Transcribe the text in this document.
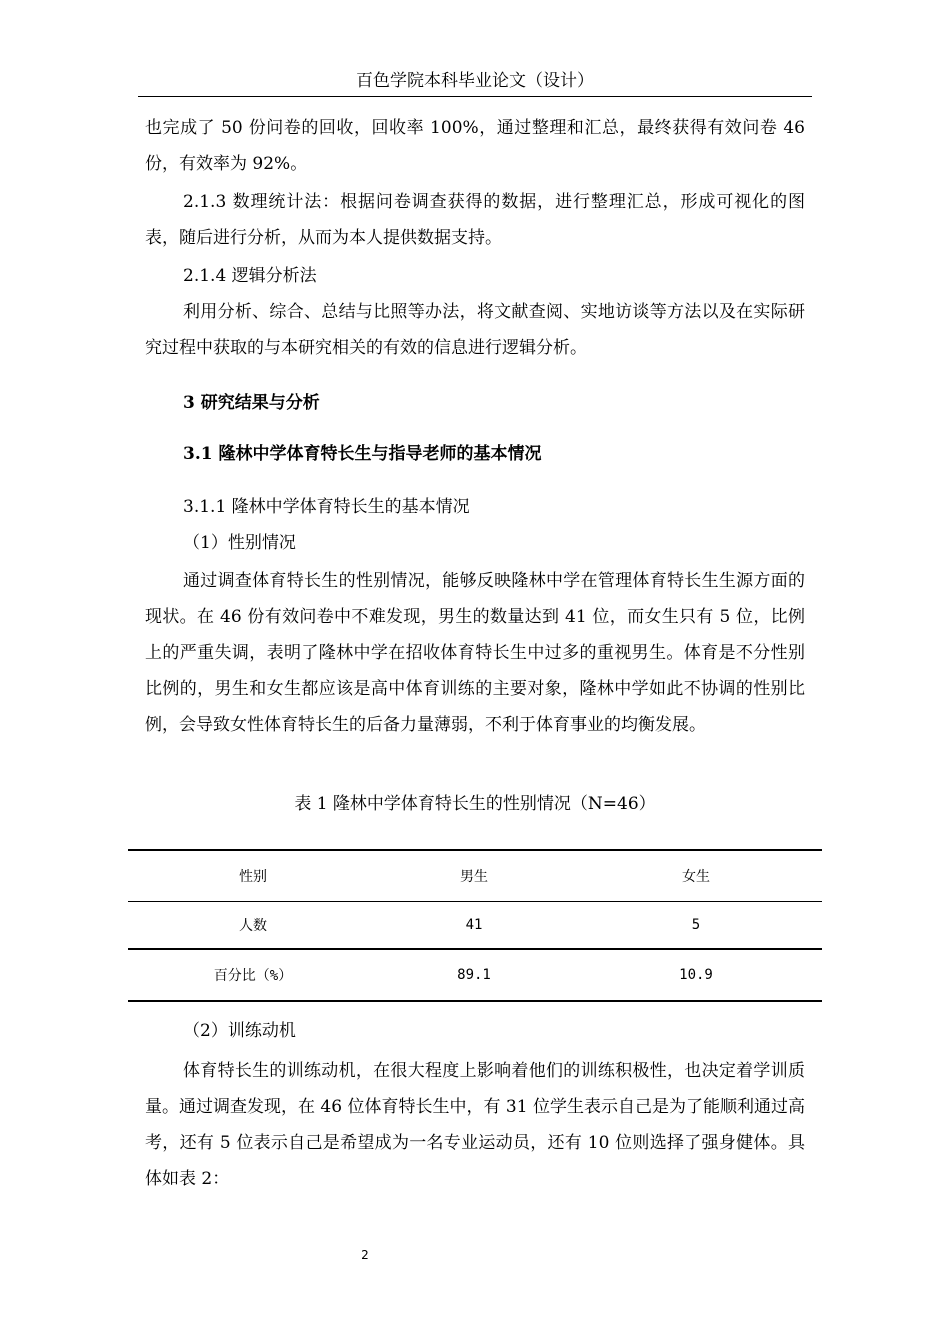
百色学院本科毕业论文（设计）

也完成了 50 份问卷的回收，回收率 100%，通过整理和汇总，最终获得有效问卷 46 份，有效率为 92%。

2.1.3 数理统计法：根据问卷调查获得的数据，进行整理汇总，形成可视化的图表，随后进行分析，从而为本人提供数据支持。

2.1.4 逻辑分析法

利用分析、综合、总结与比照等办法，将文献查阅、实地访谈等方法以及在实际研究过程中获取的与本研究相关的有效的信息进行逻辑分析。

3 研究结果与分析
3.1 隆林中学体育特长生与指导老师的基本情况
3.1.1 隆林中学体育特长生的基本情况
（1）性别情况

通过调查体育特长生的性别情况，能够反映隆林中学在管理体育特长生生源方面的现状。在 46 份有效问卷中不难发现，男生的数量达到 41 位，而女生只有 5 位，比例上的严重失调，表明了隆林中学在招收体育特长生中过多的重视男生。体育是不分性别比例的，男生和女生都应该是高中体育训练的主要对象，隆林中学如此不协调的性别比例，会导致女性体育特长生的后备力量薄弱，不利于体育事业的均衡发展。

表 1 隆林中学体育特长生的性别情况（N=46）
性别	男生	女生
人数	41	5
百分比（%）	89.1	10.9
（2）训练动机

体育特长生的训练动机，在很大程度上影响着他们的训练积极性，也决定着学训质量。通过调查发现，在 46 位体育特长生中，有 31 位学生表示自己是为了能顺利通过高考，还有 5 位表示自己是希望成为一名专业运动员，还有 10 位则选择了强身健体。具体如表 2：

2
